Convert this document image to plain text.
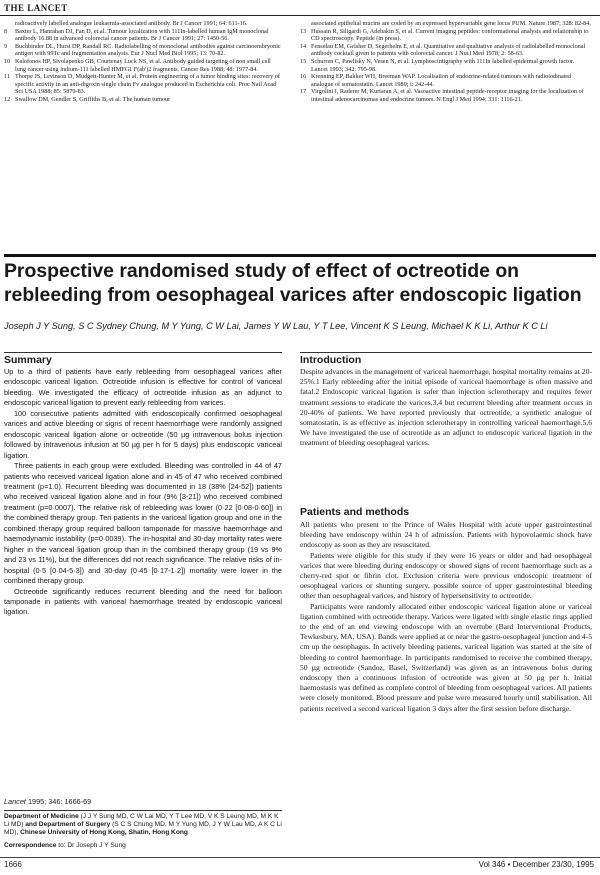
THE LANCET

radioactively labelled analogue leukaemia-associated antibody. Br J Cancer 1991; 64: 611-16.

8 Baxter L, Hanrahan DJ, Fan D, et al. Tumour localization with 111In-labelled human IgM monoclonal antibody 16.88 in advanced colorectal cancer patients. Br J Cancer 1991; 27: 1450-56.

9 Buchbinder DL, Hurst DP, Randall RC. Radiolabelling of monoclonal antibodies against carcinoembryonic antigen with 99Tc and fragmentation analysis. Eur J Nucl Med Biol 1995; 13: 70-82.

10 Kalofonos HP, Sivolapenko GB, Courtenay Luck NS, et al. Antibody guided targeting of non small cell lung cancer using indium-111 labelled HMFG1 F(ab')2 fragments. Cancer Res 1988; 48: 1977-84.

11 Thorpe JS, Levinson D, Mudgett-Hunter M, et al. Protein engineering of a tumor binding sites: recovery of specific activity in an anti-digoxin single chain Fv analogue produced in Escherichia coli. Proc Natl Acad Sci USA 1988; 85: 5879-83.

12 Swallow DM, Gendler S, Griffiths B, et al. The human tumour

associated epithelial mucins are coded by an expressed hypervariable gene locus PUM. Nature 1987; 328: 82-84.

13 Hussain R, Siligardi G, Adebakin S, et al. Current imaging peptides: conformational analysis and relationship to CD spectroscopy. Peptide (in press).

14 Fenselau EM, Gelsher D, Segerhelm E, et al. Quantitative and qualitative analysis of radiolabelled monoclonal antibody cocktail given to patients with colorectal cancer. J Nucl Med 1978; 2: 58-63.

15 Schurren C, Pawlisky N, Vesen N, et al. Lymphoscintigraphy with 111In labelled epidermal growth factor. Lancet 1993; 342: 795-98.

16 Krenning EP, Bakker WH, Breeman WAP. Localisation of endocrine-related tumours with radioiodinated analogue of somatostatin. Lancet 1989; i: 242-44.

17 Virgolini I, Raderer M, Kurtaran A, et al. Vasoactive intestinal peptide-receptor imaging for the localization of intestinal adenocarcinomas and endocrine tumors. N Engl J Med 1994; 331: 1116-21.

Prospective randomised study of effect of octreotide on rebleeding from oesophageal varices after endoscopic ligation
Joseph J Y Sung, S C Sydney Chung, M Y Yung, C W Lai, James Y W Lau, Y T Lee, Vincent K S Leung, Michael K K Li, Arthur K C Li
Summary

Up to a third of patients have early rebleeding from oesophageal varices after endoscopic variceal ligation. Octreotide infusion is effective for control of variceal bleeding. We investigated the efficacy of octreotide infusion as an adjunct to endoscopic variceal ligation to prevent early rebleeding from varices.

100 consecutive patients admitted with endoscopically confirmed oesophageal varices and active bleeding or signs of recent haemorrhage were randomly assigned endoscopic variceal ligation alone or octreotide (50 µg intravenous bolus injection followed by intravenous infusion at 50 µg per h for 5 days) plus endoscopic variceal ligation.

Three patients in each group were excluded. Bleeding was controlled in 44 of 47 patients who received variceal ligation alone and in 45 of 47 who received combined treatment (p=1.0). Recurrent bleeding was documented in 18 (38% [24-52]) patients who received variceal ligation alone and in four (9% [3-21]) who received combined treatment (p=0·0007). The relative risk of rebleeding was lower (0·22 [0·08-0·60]) in the combined therapy group. Ten patients in the variceal ligation group and one in the combined therapy group required balloon tamponade for massive haemorrhage and haemodynamic instability (p=0·0039). The in-hospital and 30-day mortality rates were higher in the variceal ligation group than in the combined therapy group (19 vs 9% and 23 vs 11%), but the differences did not reach significance. The relative risks of in-hospital (0·5 [0·04-5·3]) and 30-day (0·45 [0·17-1·2]) mortality were lower in the combined therapy group.

Octreotide significantly reduces recurrent bleeding and the need for balloon tamponade in patients with variceal haemorrhage treated by endoscopic variceal ligation.

Lancet 1995; 346: 1666-69
Department of Medicine (J J Y Sung MD, C W Lai MD, Y T Lee MD, V K S Leung MD, M K K Li MD) and Department of Surgery (S C S Chung MD, M Y Yung MD, J Y W Lau MD, A K C Li MD), Chinese University of Hong Kong, Shatin, Hong Kong
Correspondence to: Dr Joseph J Y Sung
Introduction

Despite advances in the management of variceal haemorrhage, hospital mortality remains at 20-25%.1 Early rebleeding after the initial episode of variceal haemorrhage is often massive and fatal.2 Endoscopic variceal ligation is safer than injection sclerotherapy and requires fewer treatment sessions to eradicate the varices,3,4 but recurrent bleeding after treatment occurs in 20-40% of patients. We have reported previously that octreotide, a synthetic analogue of somatostatin, is as effective as injection sclerotherapy in controlling variceal haemorrhage.5,6 We have investigated the use of octreotide as an adjunct to endoscopic variceal ligation in the treatment of bleeding oesophageal varices.

Patients and methods

All patients who present to the Prince of Wales Hospital with acute upper gastrointestinal bleeding have endoscopy within 24 h of admission. Patients with hypovolaemic shock have endoscopy as soon as they are resuscitated.

Patients were eligible for this study if they were 16 years or older and had oesophageal varices that were bleeding during endoscopy or showed signs of recent haemorrhage such as a cherry-red spot or fibrin clot. Exclusion criteria were previous endoscopic treatment of oesophageal varices or shunting surgery, possible source of upper gastrointestinal bleeding other than oesophageal varices, and history of hypersensitivity to octreotide.

Participants were randomly allocated either endoscopic variceal ligation alone or variceal ligation combined with octreotide therapy. Varices were ligated with single elastic rings applied to the end of an end viewing endoscope with an overtube (Bard Interventional Products, Tewkesbury, MA, USA). Bands were applied at or near the gastro-oesophageal junction and 4-5 cm up the oesophagus. In actively bleeding patients, variceal ligation was started at the site of bleeding to control haemorrhage. In participants randomised to receive the combined therapy, 50 µg octreotide (Sandoz, Basel, Switzerland) was given as an intravenous bolus during endoscopy then a continuous infusion of octreotide was given at 50 µg per h. Initial haemostasis was defined as complete control of bleeding from oesophageal varices. All patients were closely monitored. Blood pressure and pulse were measured hourly until stabilisation. All patients received a second variceal ligation 3 days after the first session before discharge.

1666	Vol 346 • December 23/30, 1995
